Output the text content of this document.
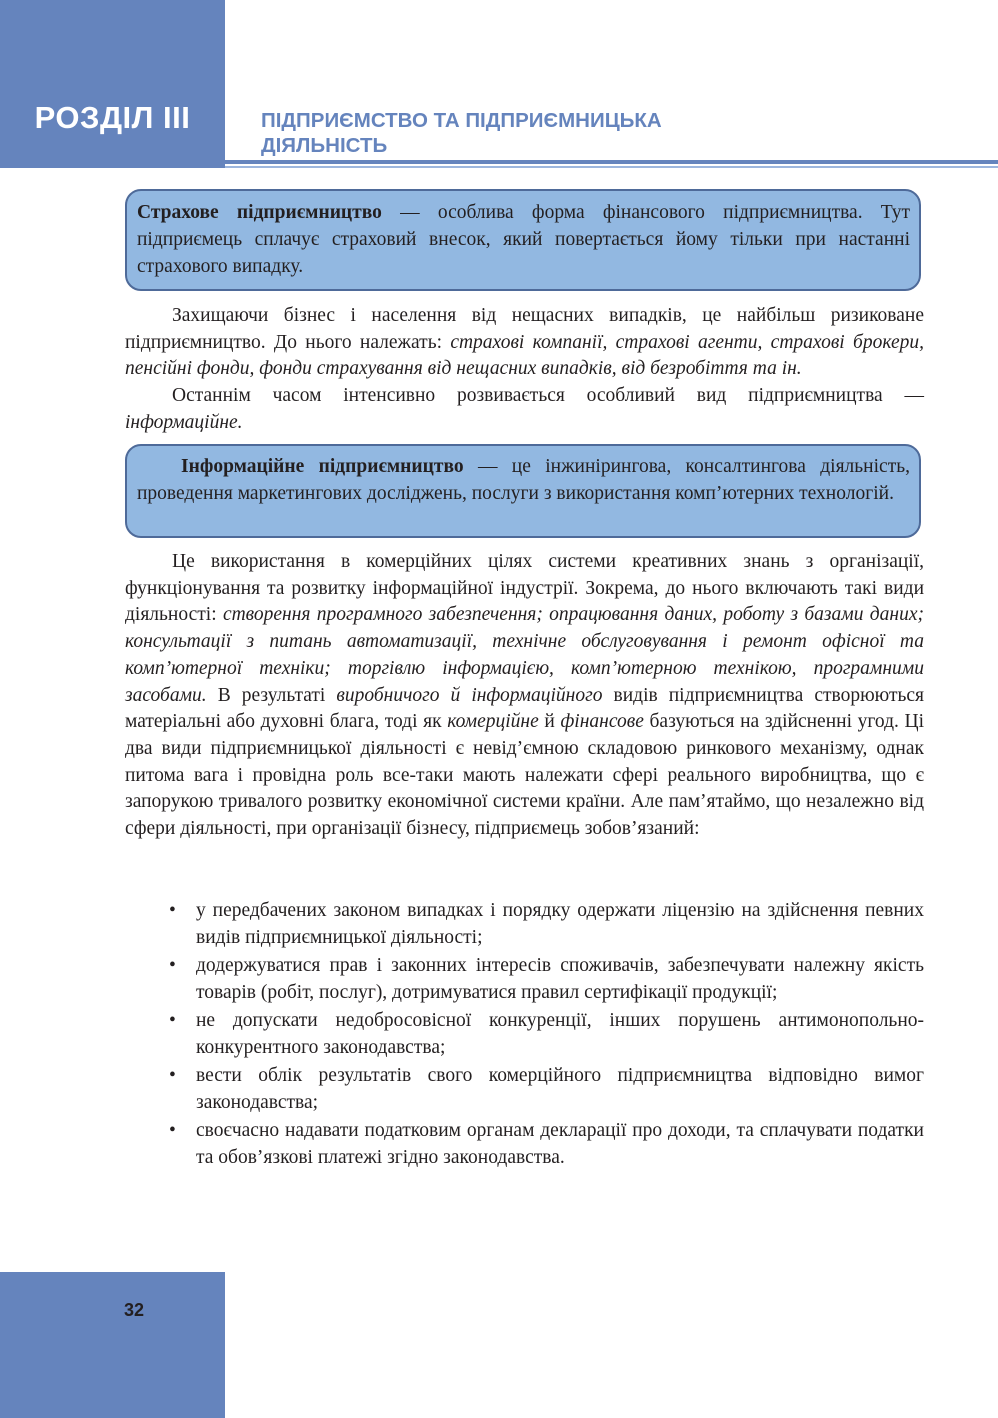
РОЗДІЛ ІІІ	ПІДПРИЄМСТВО ТА ПІДПРИЄМНИЦЬКА
ДІЯЛЬНІСТЬ
Страхове підприємництво — особлива форма фінансового підприємництва. Тут підприємець сплачує страховий внесок, який повертається йому тільки при настанні страхового випадку.

Захищаючи бізнес і населення від нещасних випадків, це найбільш ризиковане підприємництво. До нього належать: страхові компанії, страхові агенти, страхові брокери, пенсійні фонди, фонди страхування від нещасних випадків, від безробіття та ін.

Останнім часом інтенсивно розвивається особливий вид підприємництва — інформаційне.

Інформаційне підприємництво — це інжинірингова, консалтингова діяльність, проведення маркетингових досліджень, послуги з використання комп’ютерних технологій.

Це використання в комерційних цілях системи креативних знань з організації, функціонування та розвитку інформаційної індустрії. Зокрема, до нього включають такі види діяльності: створення програмного забезпечення; опрацювання даних, роботу з базами даних; консультації з питань автоматизації, технічне обслуговування і ремонт офісної та комп’ютерної техніки; торгівлю інформацією, комп’ютерною технікою, програмними засобами. В результаті виробничого й інформаційного видів підприємництва створюються матеріальні або духовні блага, тоді як комерційне й фінансове базуються на здійсненні угод. Ці два види підприємницької діяльності є невід’ємною складовою ринкового механізму, однак питома вага і провідна роль все-таки мають належати сфері реального виробництва, що є запорукою тривалого розвитку економічної системи країни. Але пам’ятаймо, що незалежно від сфери діяльності, при організації бізнесу, підприємець зобов’язаний:

• у передбачених законом випадках і порядку одержати ліцензію на здійснення певних видів підприємницької діяльності;
• додержуватися прав і законних інтересів споживачів, забезпечувати належну якість товарів (робіт, послуг), дотримуватися правил сертифікації продукції;
• не допускати недобросовісної конкуренції, інших порушень антимонопольно-конкурентного законодавства;
• вести облік результатів свого комерційного підприємництва відповідно вимог законодавства;
• своєчасно надавати податковим органам декларації про доходи, та сплачувати податки та обов’язкові платежі згідно законодавства.
32
